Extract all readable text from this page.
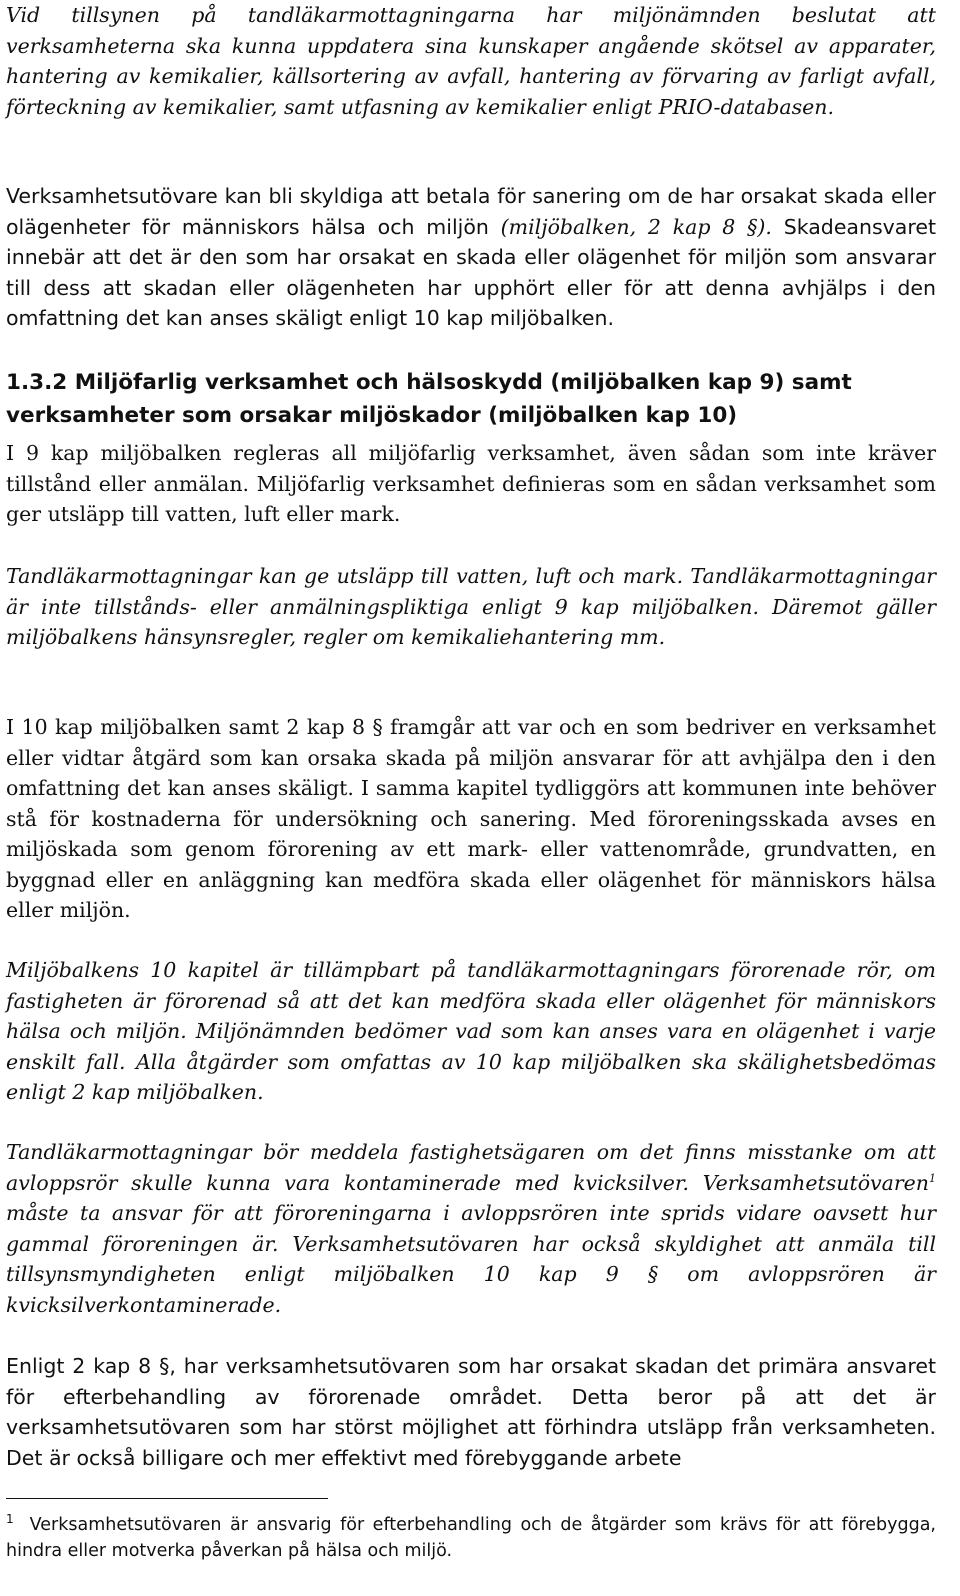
Vid tillsynen på tandläkarmottagningarna har miljönämnden beslutat att verksamheterna ska kunna uppdatera sina kunskaper angående skötsel av apparater, hantering av kemikalier, källsortering av avfall, hantering av förvaring av farligt avfall, förteckning av kemikalier, samt utfasning av kemikalier enligt PRIO-databasen.

Verksamhetsutövare kan bli skyldiga att betala för sanering om de har orsakat skada eller olägenheter för människors hälsa och miljön (miljöbalken, 2 kap 8 §). Skadeansvaret innebär att det är den som har orsakat en skada eller olägenhet för miljön som ansvarar till dess att skadan eller olägenheten har upphört eller för att denna avhjälps i den omfattning det kan anses skäligt enligt 10 kap miljöbalken.

1.3.2 Miljöfarlig verksamhet och hälsoskydd (miljöbalken kap 9) samt verksamheter som orsakar miljöskador (miljöbalken kap 10)

I 9 kap miljöbalken regleras all miljöfarlig verksamhet, även sådan som inte kräver tillstånd eller anmälan. Miljöfarlig verksamhet definieras som en sådan verksamhet som ger utsläpp till vatten, luft eller mark.

Tandläkarmottagningar kan ge utsläpp till vatten, luft och mark. Tandläkarmottagningar är inte tillstånds- eller anmälningspliktiga enligt 9 kap miljöbalken. Däremot gäller miljöbalkens hänsynsregler, regler om kemikaliehantering mm.

I 10 kap miljöbalken samt 2 kap 8 § framgår att var och en som bedriver en verksamhet eller vidtar åtgärd som kan orsaka skada på miljön ansvarar för att avhjälpa den i den omfattning det kan anses skäligt. I samma kapitel tydliggörs att kommunen inte behöver stå för kostnaderna för undersökning och sanering. Med föroreningsskada avses en miljöskada som genom förorening av ett mark- eller vattenområde, grundvatten, en byggnad eller en anläggning kan medföra skada eller olägenhet för människors hälsa eller miljön.

Miljöbalkens 10 kapitel är tillämpbart på tandläkarmottagningars förorenade rör, om fastigheten är förorenad så att det kan medföra skada eller olägenhet för människors hälsa och miljön. Miljönämnden bedömer vad som kan anses vara en olägenhet i varje enskilt fall. Alla åtgärder som omfattas av 10 kap miljöbalken ska skälighetsbedömas enligt 2 kap miljöbalken.

Tandläkarmottagningar bör meddela fastighetsägaren om det finns misstanke om att avloppsrör skulle kunna vara kontaminerade med kvicksilver. Verksamhetsutövaren$^1$ måste ta ansvar för att föroreningarna i avloppsrören inte sprids vidare oavsett hur gammal föroreningen är. Verksamhetsutövaren har också skyldighet att anmäla till tillsynsmyndigheten enligt miljöbalken 10 kap 9 § om avloppsrören är kvicksilverkontaminerade.

Enligt 2 kap 8 §, har verksamhetsutövaren som har orsakat skadan det primära ansvaret för efterbehandling av förorenade området. Detta beror på att det är verksamhetsutövaren som har störst möjlighet att förhindra utsläpp från verksamheten. Det är också billigare och mer effektivt med förebyggande arbete

$^1$ Verksamhetsutövaren är ansvarig för efterbehandling och de åtgärder som krävs för att förebygga, hindra eller motverka påverkan på hälsa och miljö.
